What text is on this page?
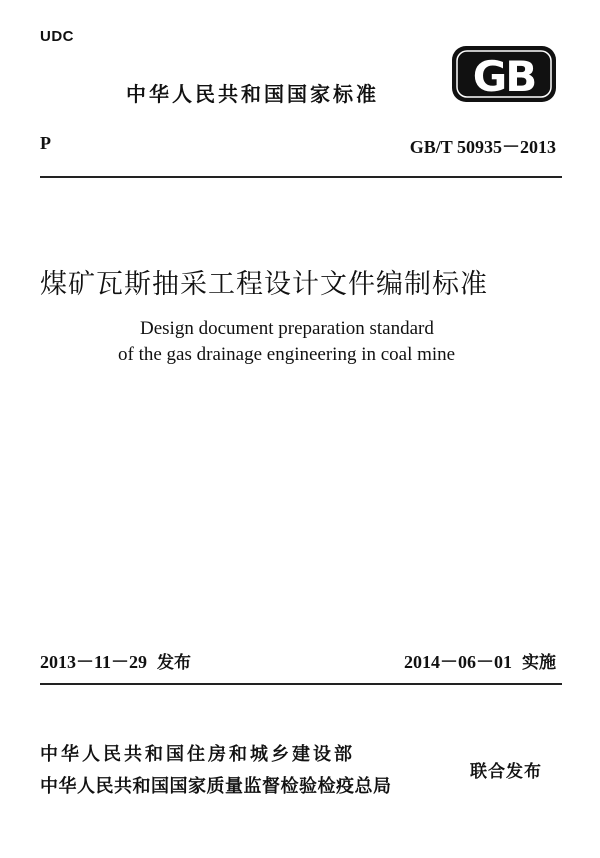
UDC
中华人民共和国国家标准 GB
P	GB/T 50935－2013
煤矿瓦斯抽采工程设计文件编制标准
Design document preparation standard
of the gas drainage engineering in coal mine
2013－11－29 发布	2014－06－01 实施
中华人民共和国住房和城乡建设部
中华人民共和国国家质量监督检验检疫总局
联合发布
